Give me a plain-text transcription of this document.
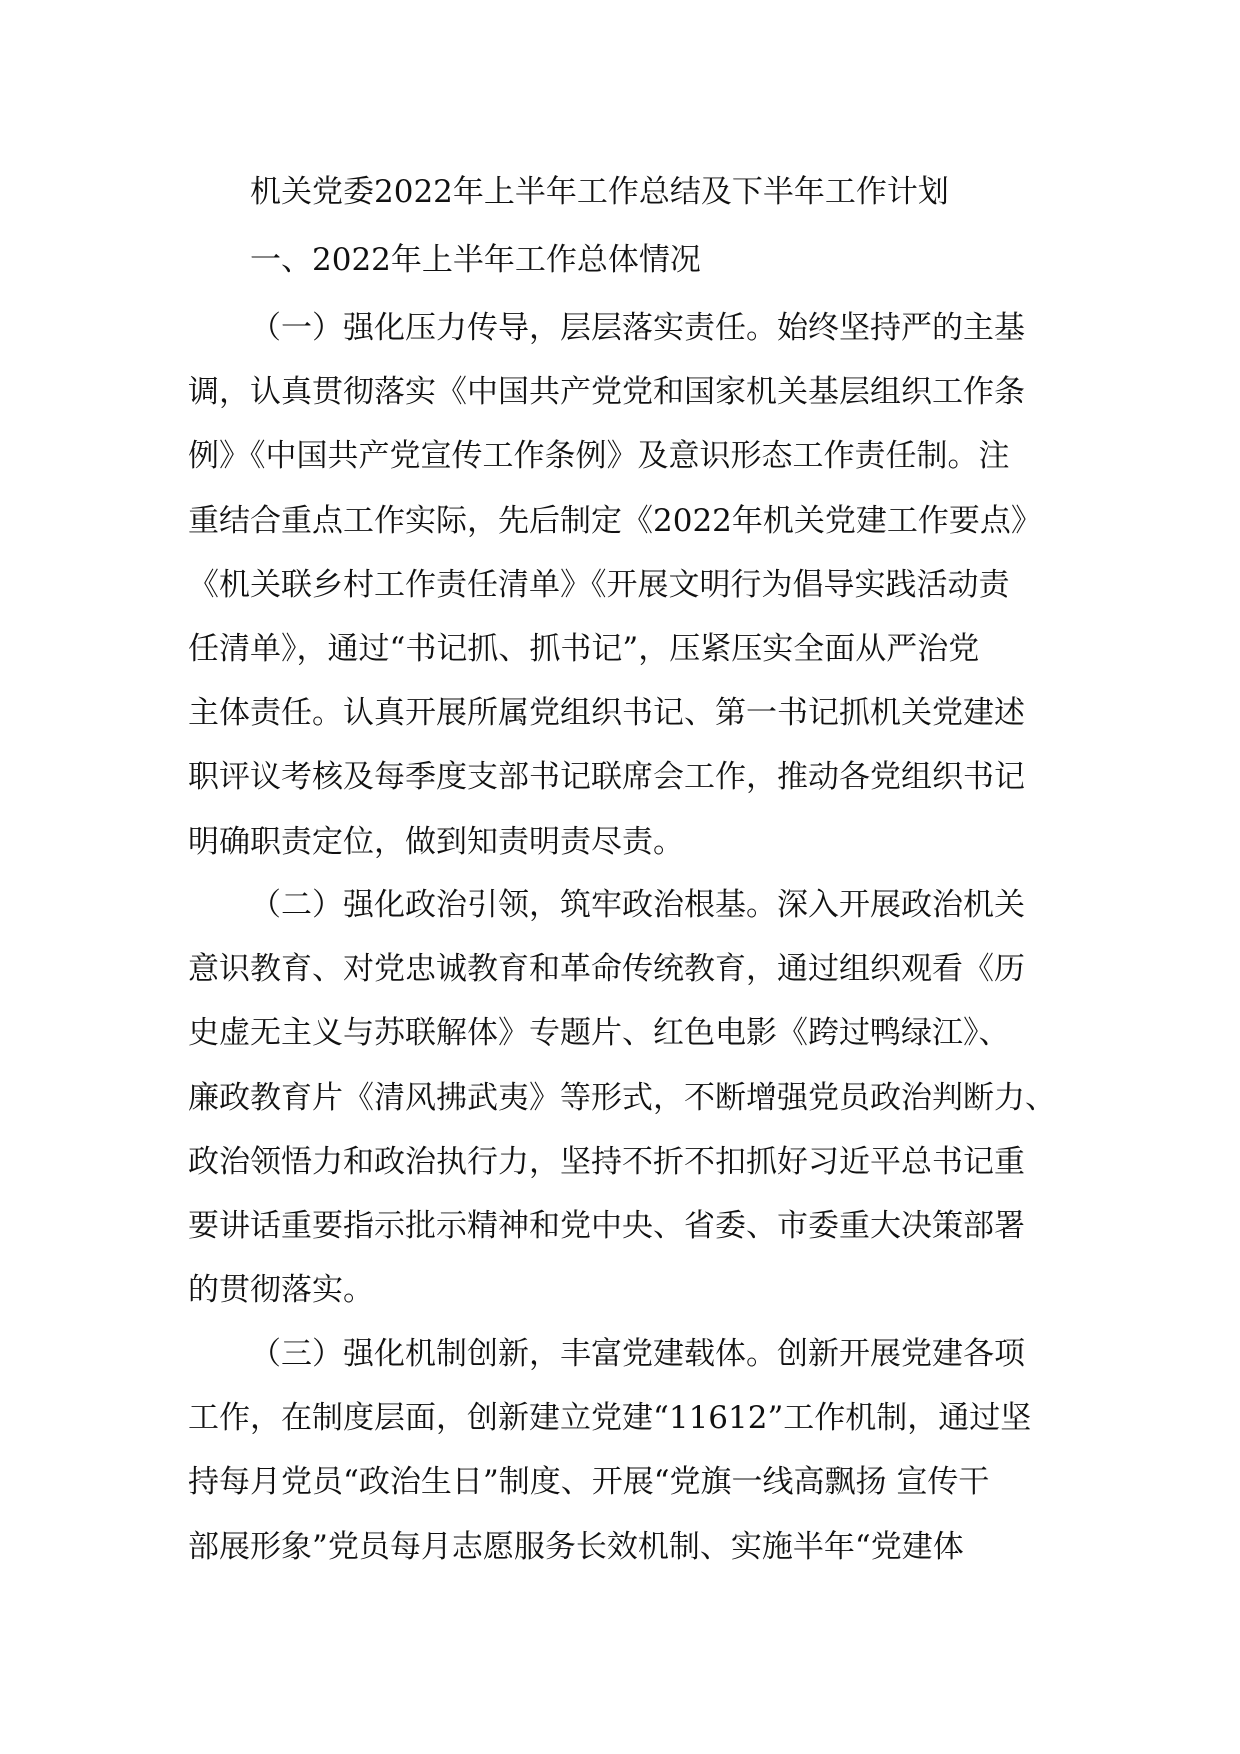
机关党委2022年上半年工作总结及下半年工作计划
一、2022年上半年工作总体情况
（一）强化压力传导，层层落实责任。始终坚持严的主基
调，认真贯彻落实《中国共产党党和国家机关基层组织工作条
例》《中国共产党宣传工作条例》及意识形态工作责任制。注
重结合重点工作实际，先后制定《2022年机关党建工作要点》
《机关联乡村工作责任清单》《开展文明行为倡导实践活动责
任清单》，通过“书记抓、抓书记”，压紧压实全面从严治党
主体责任。认真开展所属党组织书记、第一书记抓机关党建述
职评议考核及每季度支部书记联席会工作，推动各党组织书记
明确职责定位，做到知责明责尽责。
（二）强化政治引领，筑牢政治根基。深入开展政治机关
意识教育、对党忠诚教育和革命传统教育，通过组织观看《历
史虚无主义与苏联解体》专题片、红色电影《跨过鸭绿江》、
廉政教育片《清风拂武夷》等形式，不断增强党员政治判断力、
政治领悟力和政治执行力，坚持不折不扣抓好习近平总书记重
要讲话重要指示批示精神和党中央、省委、市委重大决策部署
的贯彻落实。
（三）强化机制创新，丰富党建载体。创新开展党建各项
工作，在制度层面，创新建立党建“11612”工作机制，通过坚
持每月党员“政治生日”制度、开展“党旗一线高飘扬 宣传干
部展形象”党员每月志愿服务长效机制、实施半年“党建体
